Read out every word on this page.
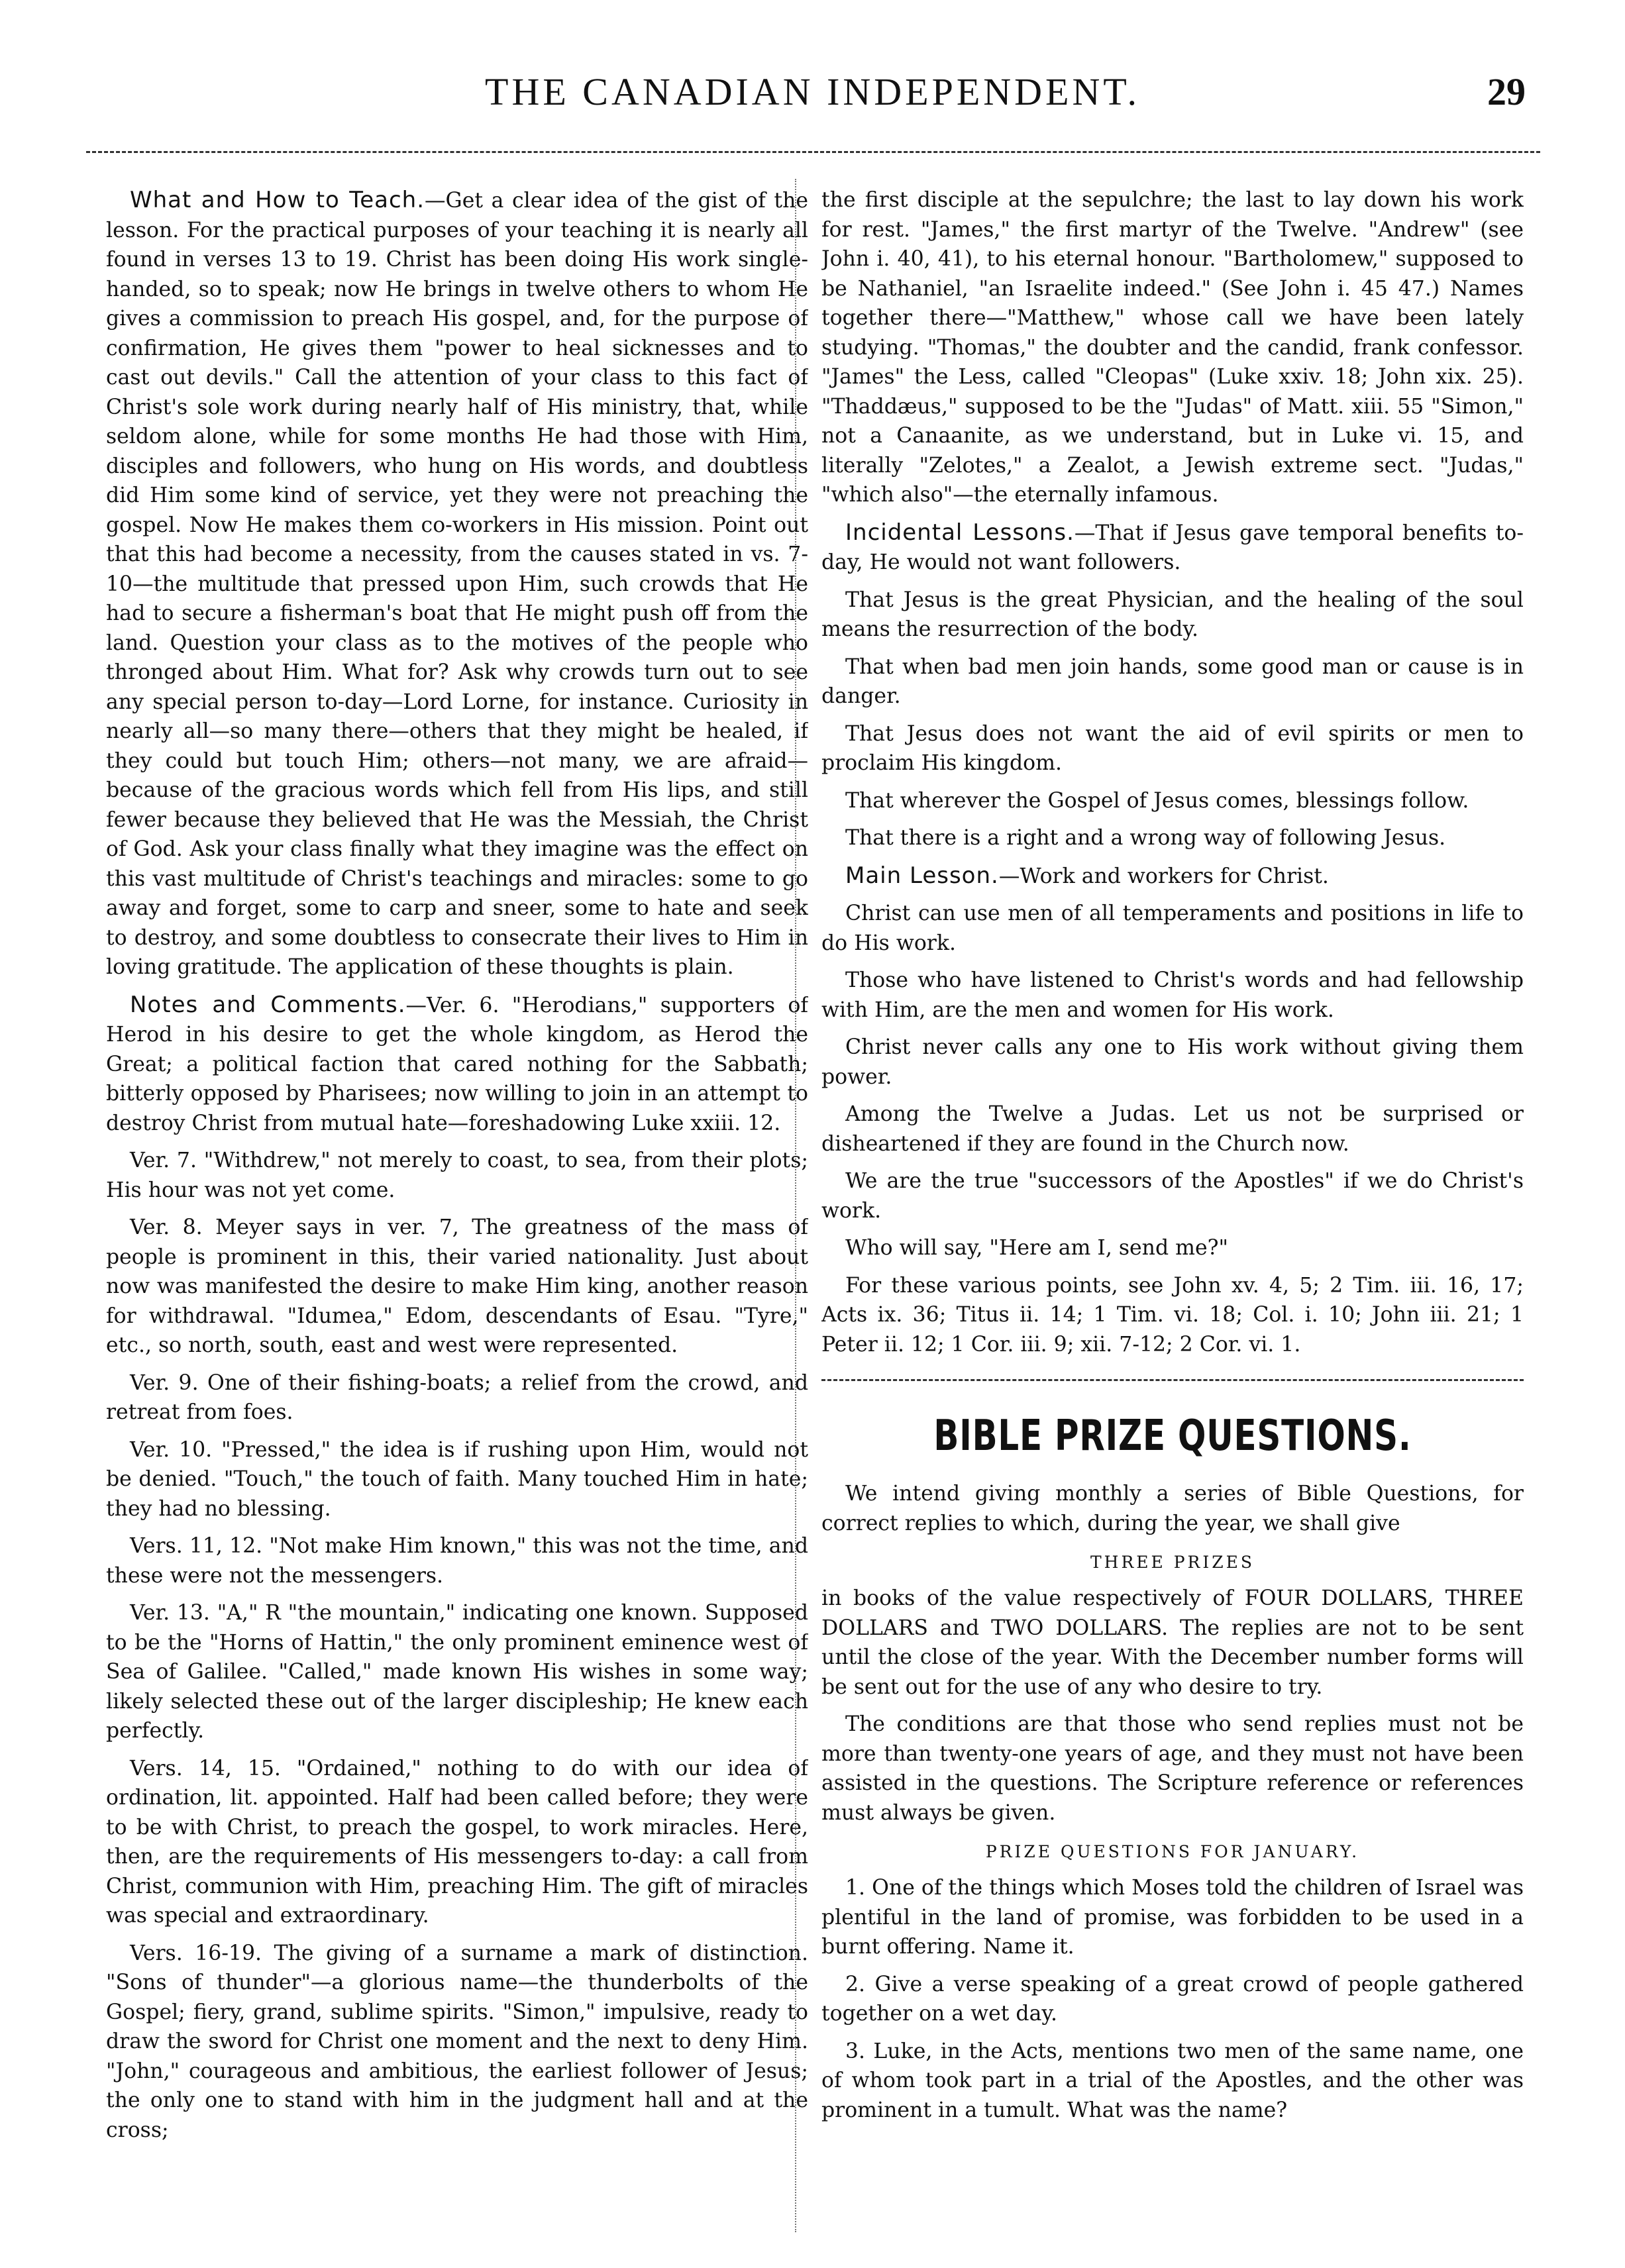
THE CANADIAN INDEPENDENT.	29

What and How to Teach.—Get a clear idea of the gist of the lesson. For the practical purposes of your teaching it is nearly all found in verses 13 to 19. Christ has been doing His work single-handed, so to speak; now He brings in twelve others to whom He gives a commission to preach His gospel, and, for the purpose of confirmation, He gives them "power to heal sicknesses and to cast out devils." Call the attention of your class to this fact of Christ's sole work during nearly half of His ministry, that, while seldom alone, while for some months He had those with Him, disciples and followers, who hung on His words, and doubtless did Him some kind of service, yet they were not preaching the gospel. Now He makes them co-workers in His mission. Point out that this had become a necessity, from the causes stated in vs. 7-10—the multitude that pressed upon Him, such crowds that He had to secure a fisherman's boat that He might push off from the land. Question your class as to the motives of the people who thronged about Him. What for? Ask why crowds turn out to see any special person to-day—Lord Lorne, for instance. Curiosity in nearly all—so many there—others that they might be healed, if they could but touch Him; others—not many, we are afraid—because of the gracious words which fell from His lips, and still fewer because they believed that He was the Messiah, the Christ of God. Ask your class finally what they imagine was the effect on this vast multitude of Christ's teachings and miracles: some to go away and forget, some to carp and sneer, some to hate and seek to destroy, and some doubtless to consecrate their lives to Him in loving gratitude. The application of these thoughts is plain.

Notes and Comments.—Ver. 6. "Herodians," supporters of Herod in his desire to get the whole kingdom, as Herod the Great; a political faction that cared nothing for the Sabbath; bitterly opposed by Pharisees; now willing to join in an attempt to destroy Christ from mutual hate—foreshadowing Luke xxiii. 12.

Ver. 7. "Withdrew," not merely to coast, to sea, from their plots; His hour was not yet come.

Ver. 8. Meyer says in ver. 7, The greatness of the mass of people is prominent in this, their varied nationality. Just about now was manifested the desire to make Him king, another reason for withdrawal. "Idumea," Edom, descendants of Esau. "Tyre," etc., so north, south, east and west were represented.

Ver. 9. One of their fishing-boats; a relief from the crowd, and retreat from foes.

Ver. 10. "Pressed," the idea is if rushing upon Him, would not be denied. "Touch," the touch of faith. Many touched Him in hate; they had no blessing.

Vers. 11, 12. "Not make Him known," this was not the time, and these were not the messengers.

Ver. 13. "A," R "the mountain," indicating one known. Supposed to be the "Horns of Hattin," the only prominent eminence west of Sea of Galilee. "Called," made known His wishes in some way; likely selected these out of the larger discipleship; He knew each perfectly.

Vers. 14, 15. "Ordained," nothing to do with our idea of ordination, lit. appointed. Half had been called before; they were to be with Christ, to preach the gospel, to work miracles. Here, then, are the requirements of His messengers to-day: a call from Christ, communion with Him, preaching Him. The gift of miracles was special and extraordinary.

Vers. 16-19. The giving of a surname a mark of distinction. "Sons of thunder"—a glorious name—the thunderbolts of the Gospel; fiery, grand, sublime spirits. "Simon," impulsive, ready to draw the sword for Christ one moment and the next to deny Him. "John," courageous and ambitious, the earliest follower of Jesus; the only one to stand with him in the judgment hall and at the cross;

the first disciple at the sepulchre; the last to lay down his work for rest. "James," the first martyr of the Twelve. "Andrew" (see John i. 40, 41), to his eternal honour. "Bartholomew," supposed to be Nathaniel, "an Israelite indeed." (See John i. 45 47.) Names together there—"Matthew," whose call we have been lately studying. "Thomas," the doubter and the candid, frank confessor. "James" the Less, called "Cleopas" (Luke xxiv. 18; John xix. 25). "Thaddæus," supposed to be the "Judas" of Matt. xiii. 55 "Simon," not a Canaanite, as we understand, but in Luke vi. 15, and literally "Zelotes," a Zealot, a Jewish extreme sect. "Judas," "which also"—the eternally infamous.

Incidental Lessons.—That if Jesus gave temporal benefits to-day, He would not want followers.

That Jesus is the great Physician, and the healing of the soul means the resurrection of the body.

That when bad men join hands, some good man or cause is in danger.

That Jesus does not want the aid of evil spirits or men to proclaim His kingdom.

That wherever the Gospel of Jesus comes, blessings follow.

That there is a right and a wrong way of following Jesus.

Main Lesson.—Work and workers for Christ.

Christ can use men of all temperaments and positions in life to do His work.

Those who have listened to Christ's words and had fellowship with Him, are the men and women for His work.

Christ never calls any one to His work without giving them power.

Among the Twelve a Judas. Let us not be surprised or disheartened if they are found in the Church now.

We are the true "successors of the Apostles" if we do Christ's work.

Who will say, "Here am I, send me?"

For these various points, see John xv. 4, 5; 2 Tim. iii. 16, 17; Acts ix. 36; Titus ii. 14; 1 Tim. vi. 18; Col. i. 10; John iii. 21; 1 Peter ii. 12; 1 Cor. iii. 9; xii. 7-12; 2 Cor. vi. 1.

BIBLE PRIZE QUESTIONS.

We intend giving monthly a series of Bible Questions, for correct replies to which, during the year, we shall give

THREE PRIZES

in books of the value respectively of FOUR DOLLARS, THREE DOLLARS and TWO DOLLARS. The replies are not to be sent until the close of the year. With the December number forms will be sent out for the use of any who desire to try.

The conditions are that those who send replies must not be more than twenty-one years of age, and they must not have been assisted in the questions. The Scripture reference or references must always be given.

PRIZE QUESTIONS FOR JANUARY.

1. One of the things which Moses told the children of Israel was plentiful in the land of promise, was forbidden to be used in a burnt offering. Name it.

2. Give a verse speaking of a great crowd of people gathered together on a wet day.

3. Luke, in the Acts, mentions two men of the same name, one of whom took part in a trial of the Apostles, and the other was prominent in a tumult. What was the name?
